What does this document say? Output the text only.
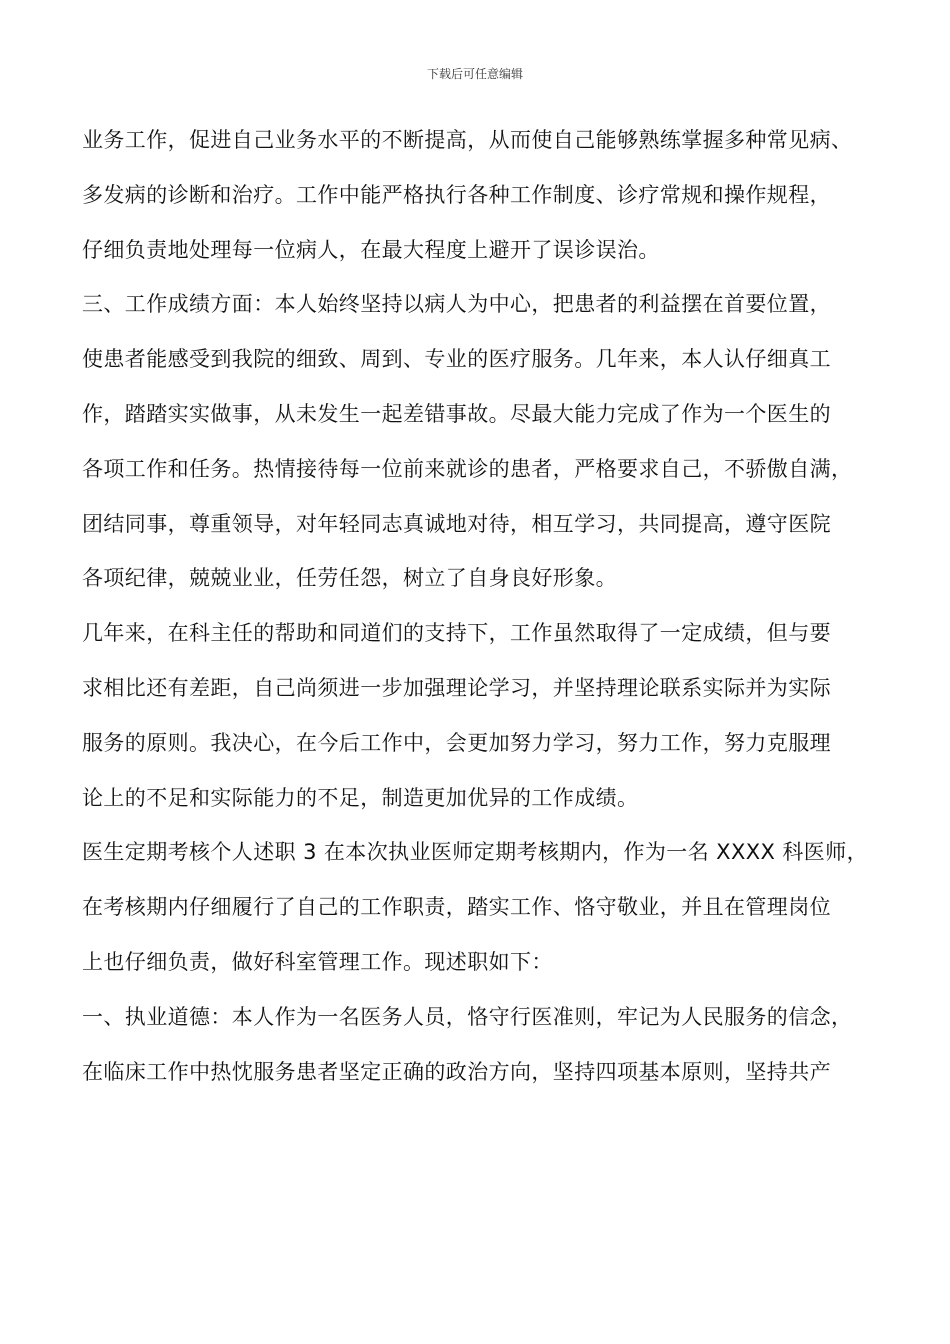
下载后可任意编辑
业务工作，促进自己业务水平的不断提高，从而使自己能够熟练掌握多种常见病、
多发病的诊断和治疗。工作中能严格执行各种工作制度、诊疗常规和操作规程，
仔细负责地处理每一位病人，在最大程度上避开了误诊误治。
三、工作成绩方面：本人始终坚持以病人为中心，把患者的利益摆在首要位置，
使患者能感受到我院的细致、周到、专业的医疗服务。几年来，本人认仔细真工
作，踏踏实实做事，从未发生一起差错事故。尽最大能力完成了作为一个医生的
各项工作和任务。热情接待每一位前来就诊的患者，严格要求自己，不骄傲自满，
团结同事，尊重领导，对年轻同志真诚地对待，相互学习，共同提高，遵守医院
各项纪律，兢兢业业，任劳任怨，树立了自身良好形象。
几年来，在科主任的帮助和同道们的支持下，工作虽然取得了一定成绩，但与要
求相比还有差距，自己尚须进一步加强理论学习，并坚持理论联系实际并为实际
服务的原则。我决心，在今后工作中，会更加努力学习，努力工作，努力克服理
论上的不足和实际能力的不足，制造更加优异的工作成绩。
医生定期考核个人述职 3 在本次执业医师定期考核期内，作为一名 XXXX 科医师，
在考核期内仔细履行了自己的工作职责，踏实工作、恪守敬业，并且在管理岗位
上也仔细负责，做好科室管理工作。现述职如下：
一、执业道德：本人作为一名医务人员，恪守行医准则，牢记为人民服务的信念，
在临床工作中热忱服务患者坚定正确的政治方向，坚持四项基本原则，坚持共产
